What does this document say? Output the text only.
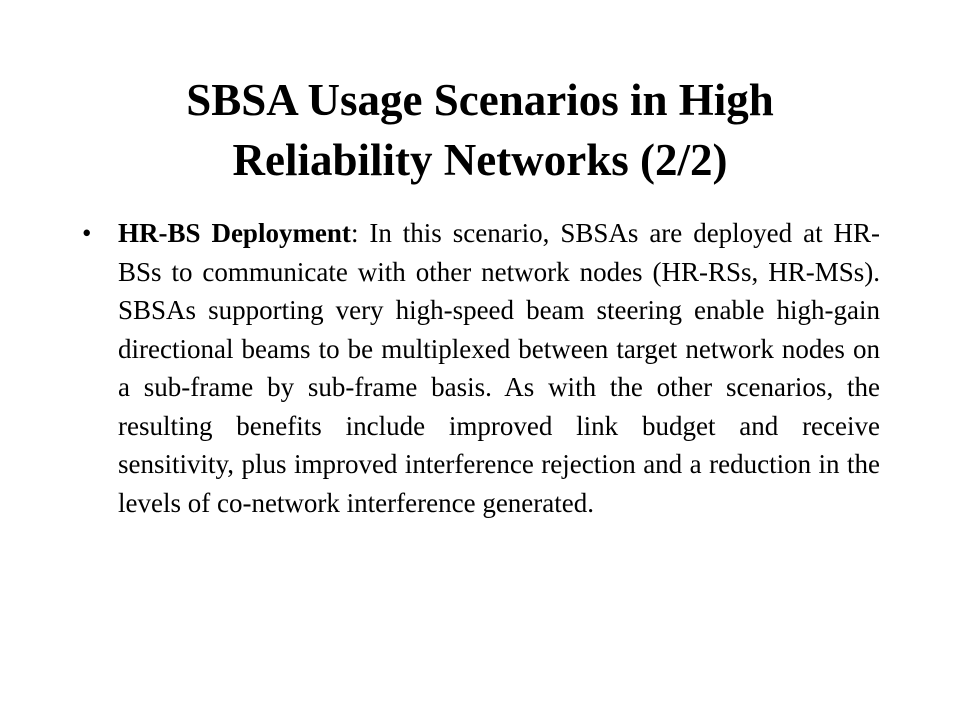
SBSA Usage Scenarios in High
Reliability Networks (2/2)
• HR-BS Deployment: In this scenario, SBSAs are deployed at HR-BSs to communicate with other network nodes (HR-RSs, HR-MSs). SBSAs supporting very high-speed beam steering enable high-gain directional beams to be multiplexed between target network nodes on a sub-frame by sub-frame basis. As with the other scenarios, the resulting benefits include improved link budget and receive sensitivity, plus improved interference rejection and a reduction in the levels of co-network interference generated.
